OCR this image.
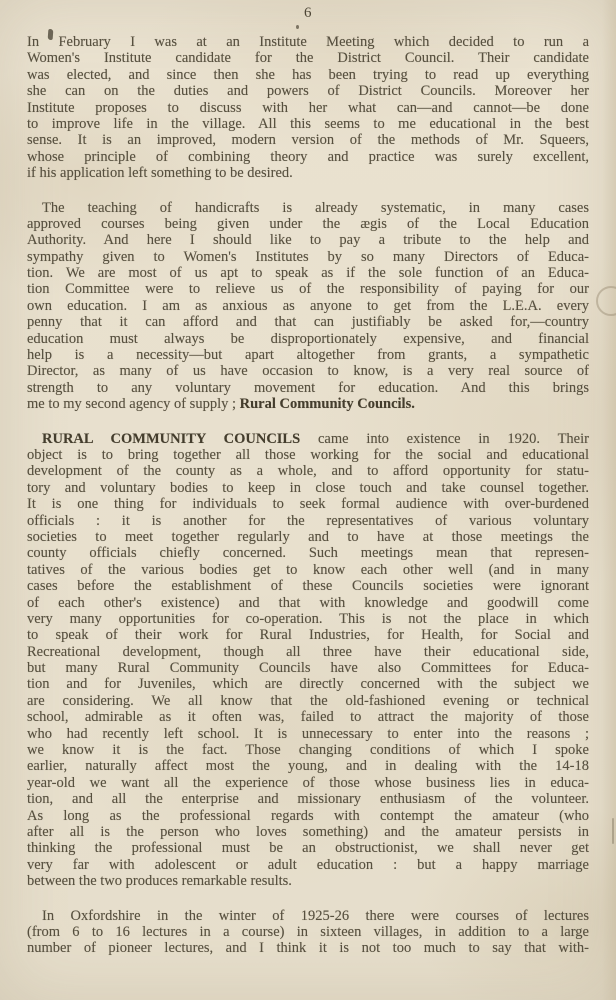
6
In February I was at an Institute Meeting which decided to run a
Women's Institute candidate for the District Council. Their candidate
was elected, and since then she has been trying to read up everything
she can on the duties and powers of District Councils. Moreover her
Institute proposes to discuss with her what can—and cannot—be done
to improve life in the village. All this seems to me educational in the best
sense. It is an improved, modern version of the methods of Mr. Squeers,
whose principle of combining theory and practice was surely excellent,
if his application left something to be desired.
The teaching of handicrafts is already systematic, in many cases
approved courses being given under the ægis of the Local Education
Authority. And here I should like to pay a tribute to the help and
sympathy given to Women's Institutes by so many Directors of Educa-
tion. We are most of us apt to speak as if the sole function of an Educa-
tion Committee were to relieve us of the responsibility of paying for our
own education. I am as anxious as anyone to get from the L.E.A. every
penny that it can afford and that can justifiably be asked for,—country
education must always be disproportionately expensive, and financial
help is a necessity—but apart altogether from grants, a sympathetic
Director, as many of us have occasion to know, is a very real source of
strength to any voluntary movement for education. And this brings
me to my second agency of supply ; Rural Community Councils.
RURAL COMMUNITY COUNCILS came into existence in 1920. Their
object is to bring together all those working for the social and educational
development of the county as a whole, and to afford opportunity for statu-
tory and voluntary bodies to keep in close touch and take counsel together.
It is one thing for individuals to seek formal audience with over-burdened
officials : it is another for the representatives of various voluntary
societies to meet together regularly and to have at those meetings the
county officials chiefly concerned. Such meetings mean that represen-
tatives of the various bodies get to know each other well (and in many
cases before the establishment of these Councils societies were ignorant
of each other's existence) and that with knowledge and goodwill come
very many opportunities for co-operation. This is not the place in which
to speak of their work for Rural Industries, for Health, for Social and
Recreational development, though all three have their educational side,
but many Rural Community Councils have also Committees for Educa-
tion and for Juveniles, which are directly concerned with the subject we
are considering. We all know that the old-fashioned evening or technical
school, admirable as it often was, failed to attract the majority of those
who had recently left school. It is unnecessary to enter into the reasons ;
we know it is the fact. Those changing conditions of which I spoke
earlier, naturally affect most the young, and in dealing with the 14-18
year-old we want all the experience of those whose business lies in educa-
tion, and all the enterprise and missionary enthusiasm of the volunteer.
As long as the professional regards with contempt the amateur (who
after all is the person who loves something) and the amateur persists in
thinking the professional must be an obstructionist, we shall never get
very far with adolescent or adult education : but a happy marriage
between the two produces remarkable results.
In Oxfordshire in the winter of 1925-26 there were courses of lectures
(from 6 to 16 lectures in a course) in sixteen villages, in addition to a large
number of pioneer lectures, and I think it is not too much to say that with-
